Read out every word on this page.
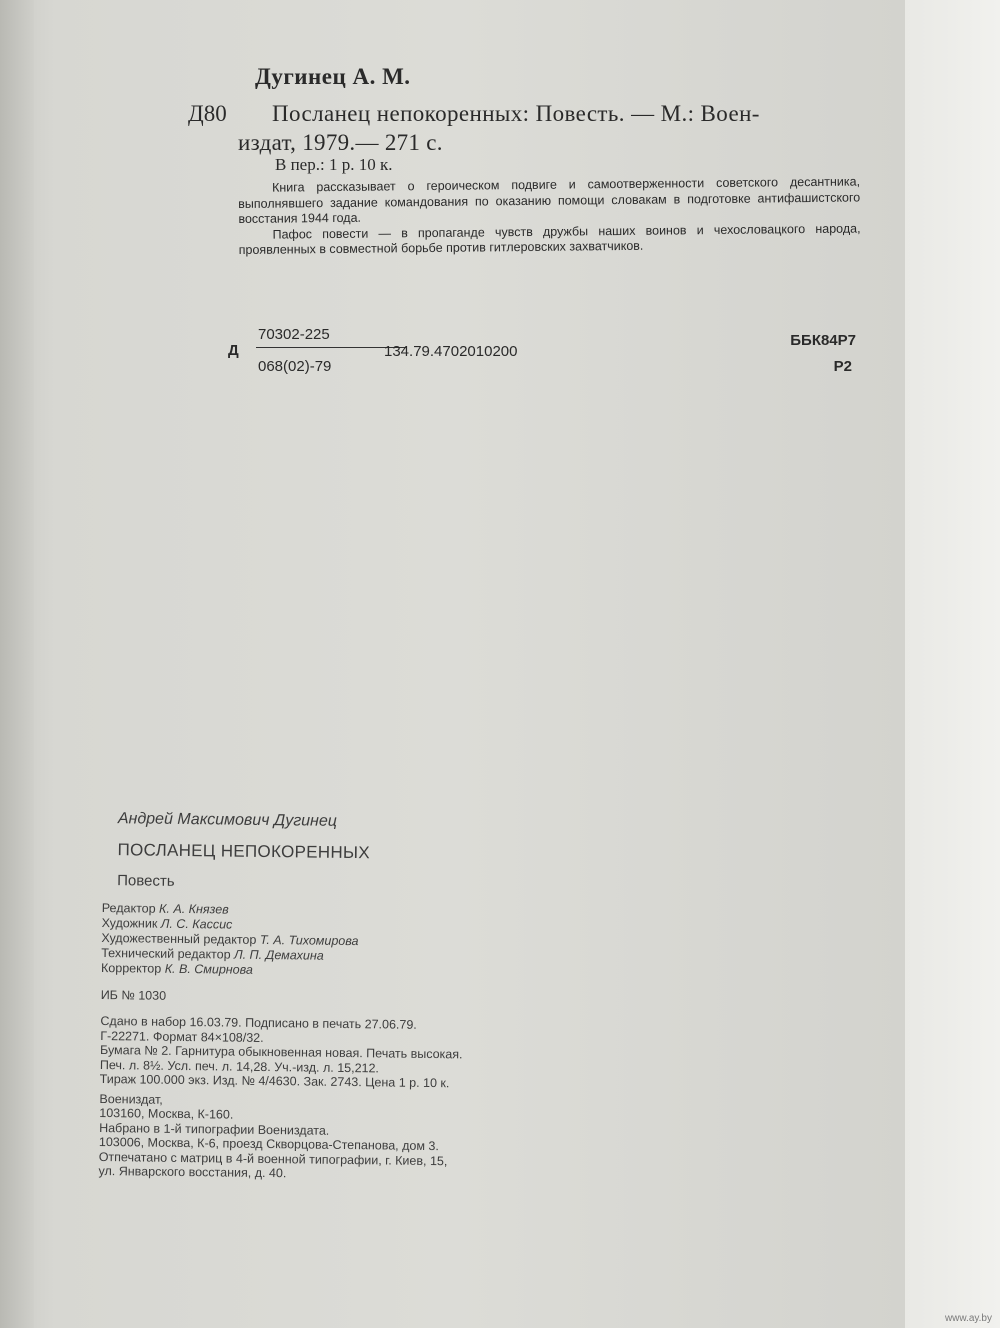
Дугинец А. М.
Д80 Посланец непокоренных: Повесть. — М.: Воен-
издат, 1979.— 271 с.
В пер.: 1 р. 10 к.

Книга рассказывает о героическом подвиге и самоотверженности советского десантника, выполнявшего задание командования по оказанию помощи словакам в подготовке антифашистского восстания 1944 года.

Пафос повести — в пропаганде чувств дружбы наших воинов и чехословацкого народа, проявленных в совместной борьбе против гитлеровских захватчиков.

Д
70302-225
068(02)-79
134.79.4702010200
ББК84Р7
Р2
Андрей Максимович Дугинец
ПОСЛАНЕЦ НЕПОКОРЕННЫХ
Повесть
Редактор К. А. Князев
Художник Л. С. Кассис
Художественный редактор Т. А. Тихомирова
Технический редактор Л. П. Демахина
Корректор К. В. Смирнова
ИБ № 1030
Сдано в набор 16.03.79. Подписано в печать 27.06.79.
Г-22271. Формат 84×108/32.
Бумага № 2. Гарнитура обыкновенная новая. Печать высокая.
Печ. л. 8½. Усл. печ. л. 14,28. Уч.-изд. л. 15,212.
Тираж 100.000 экз. Изд. № 4/4630. Зак. 2743. Цена 1 р. 10 к.
Воениздат,
103160, Москва, К-160.
Набрано в 1-й типографии Воениздата.
103006, Москва, К-6, проезд Скворцова-Степанова, дом 3.
Отпечатано с матриц в 4-й военной типографии, г. Киев, 15,
ул. Январского восстания, д. 40.
www.ay.by
